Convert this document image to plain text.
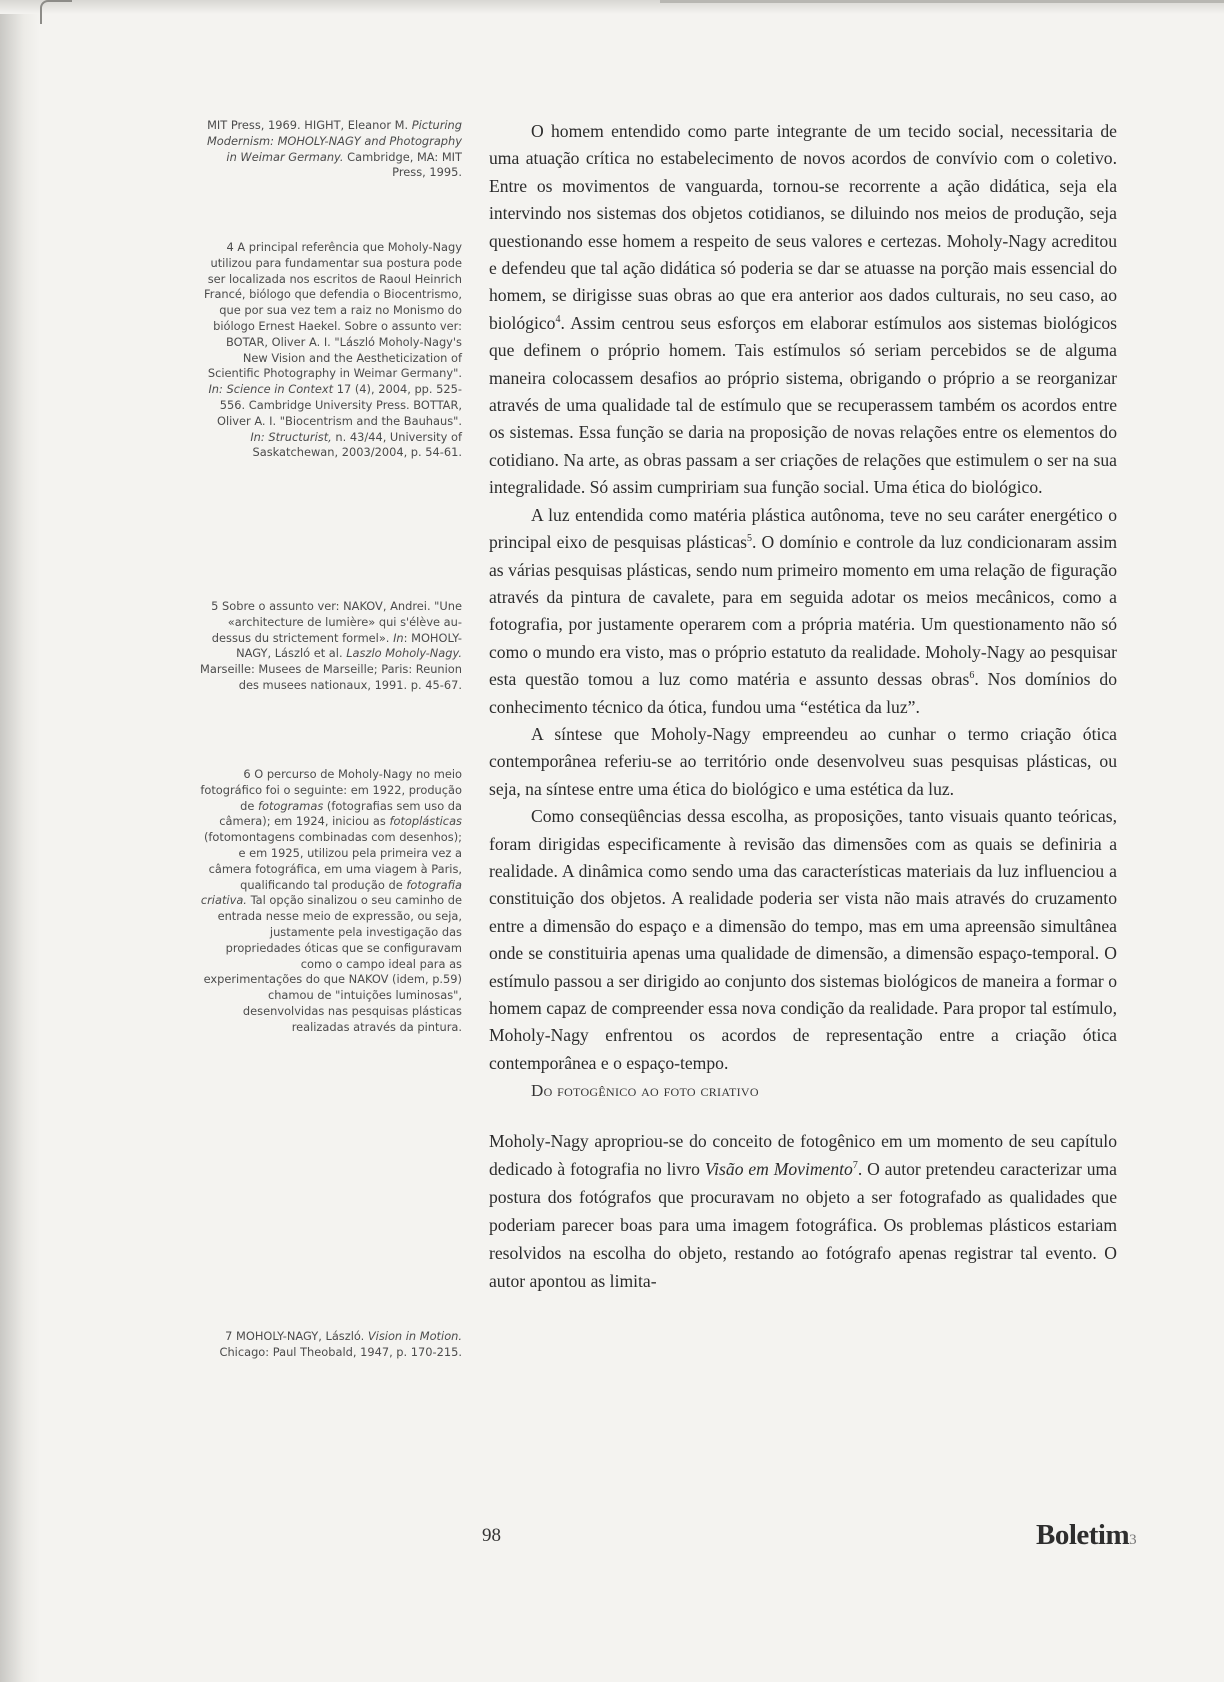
MIT Press, 1969. HIGHT, Eleanor M. Picturing Modernism: MOHOLY-NAGY and Photography in Weimar Germany. Cambridge, MA: MIT Press, 1995.
4 A principal referência que Moholy-Nagy utilizou para fundamentar sua postura pode ser localizada nos escritos de Raoul Heinrich Francé, biólogo que defendia o Biocentrismo, que por sua vez tem a raiz no Monismo do biólogo Ernest Haekel. Sobre o assunto ver: BOTAR, Oliver A. I. "László Moholy-Nagy's New Vision and the Aestheticization of Scientific Photography in Weimar Germany". In: Science in Context 17 (4), 2004, pp. 525-556. Cambridge University Press. BOTTAR, Oliver A. I. "Biocentrism and the Bauhaus". In: Structurist, n. 43/44, University of Saskatchewan, 2003/2004, p. 54-61.
5 Sobre o assunto ver: NAKOV, Andrei. "Une «architecture de lumière» qui s'élève au-dessus du strictement formel». In: MOHOLY-NAGY, László et al. Laszlo Moholy-Nagy. Marseille: Musees de Marseille; Paris: Reunion des musees nationaux, 1991. p. 45-67.
6 O percurso de Moholy-Nagy no meio fotográfico foi o seguinte: em 1922, produção de fotogramas (fotografias sem uso da câmera); em 1924, iniciou as fotoplásticas (fotomontagens combinadas com desenhos); e em 1925, utilizou pela primeira vez a câmera fotográfica, em uma viagem à Paris, qualificando tal produção de fotografia criativa. Tal opção sinalizou o seu caminho de entrada nesse meio de expressão, ou seja, justamente pela investigação das propriedades óticas que se configuravam como o campo ideal para as experimentações do que NAKOV (idem, p.59) chamou de "intuições luminosas", desenvolvidas nas pesquisas plásticas realizadas através da pintura.
7 MOHOLY-NAGY, László. Vision in Motion. Chicago: Paul Theobald, 1947, p. 170-215.

O homem entendido como parte integrante de um tecido social, necessitaria de uma atuação crítica no estabelecimento de novos acordos de convívio com o coletivo. Entre os movimentos de vanguarda, tornou-se recorrente a ação didática, seja ela intervindo nos sistemas dos objetos cotidianos, se diluindo nos meios de produção, seja questionando esse homem a respeito de seus valores e certezas. Moholy-Nagy acreditou e defendeu que tal ação didática só poderia se dar se atuasse na porção mais essencial do homem, se dirigisse suas obras ao que era anterior aos dados culturais, no seu caso, ao biológico$^4$. Assim centrou seus esforços em elaborar estímulos aos sistemas biológicos que definem o próprio homem. Tais estímulos só seriam percebidos se de alguma maneira colocassem desafios ao próprio sistema, obrigando o próprio a se reorganizar através de uma qualidade tal de estímulo que se recuperassem também os acordos entre os sistemas. Essa função se daria na proposição de novas relações entre os elementos do cotidiano. Na arte, as obras passam a ser criações de relações que estimulem o ser na sua integralidade. Só assim cumpririam sua função social. Uma ética do biológico.

A luz entendida como matéria plástica autônoma, teve no seu caráter energético o principal eixo de pesquisas plásticas$^5$. O domínio e controle da luz condicionaram assim as várias pesquisas plásticas, sendo num primeiro momento em uma relação de figuração através da pintura de cavalete, para em seguida adotar os meios mecânicos, como a fotografia, por justamente operarem com a própria matéria. Um questionamento não só como o mundo era visto, mas o próprio estatuto da realidade. Moholy-Nagy ao pesquisar esta questão tomou a luz como matéria e assunto dessas obras$^6$. Nos domínios do conhecimento técnico da ótica, fundou uma “estética da luz”.

A síntese que Moholy-Nagy empreendeu ao cunhar o termo criação ótica contemporânea referiu-se ao território onde desenvolveu suas pesquisas plásticas, ou seja, na síntese entre uma ética do biológico e uma estética da luz.

Como conseqüências dessa escolha, as proposições, tanto visuais quanto teóricas, foram dirigidas especificamente à revisão das dimensões com as quais se definiria a realidade. A dinâmica como sendo uma das características materiais da luz influenciou a constituição dos objetos. A realidade poderia ser vista não mais através do cruzamento entre a dimensão do espaço e a dimensão do tempo, mas em uma apreensão simultânea onde se constituiria apenas uma qualidade de dimensão, a dimensão espaço-temporal. O estímulo passou a ser dirigido ao conjunto dos sistemas biológicos de maneira a formar o homem capaz de compreender essa nova condição da realidade. Para propor tal estímulo, Moholy-Nagy enfrentou os acordos de representação entre a criação ótica contemporânea e o espaço-tempo.

Do fotogênico ao foto criativo

Moholy-Nagy apropriou-se do conceito de fotogênico em um momento de seu capítulo dedicado à fotografia no livro Visão em Movimento$^7$. O autor pretendeu caracterizar uma postura dos fotógrafos que procuravam no objeto a ser fotografado as qualidades que poderiam parecer boas para uma imagem fotográfica. Os problemas plásticos estariam resolvidos na escolha do objeto, restando ao fotógrafo apenas registrar tal evento. O autor apontou as limita-

98	Boletim3
